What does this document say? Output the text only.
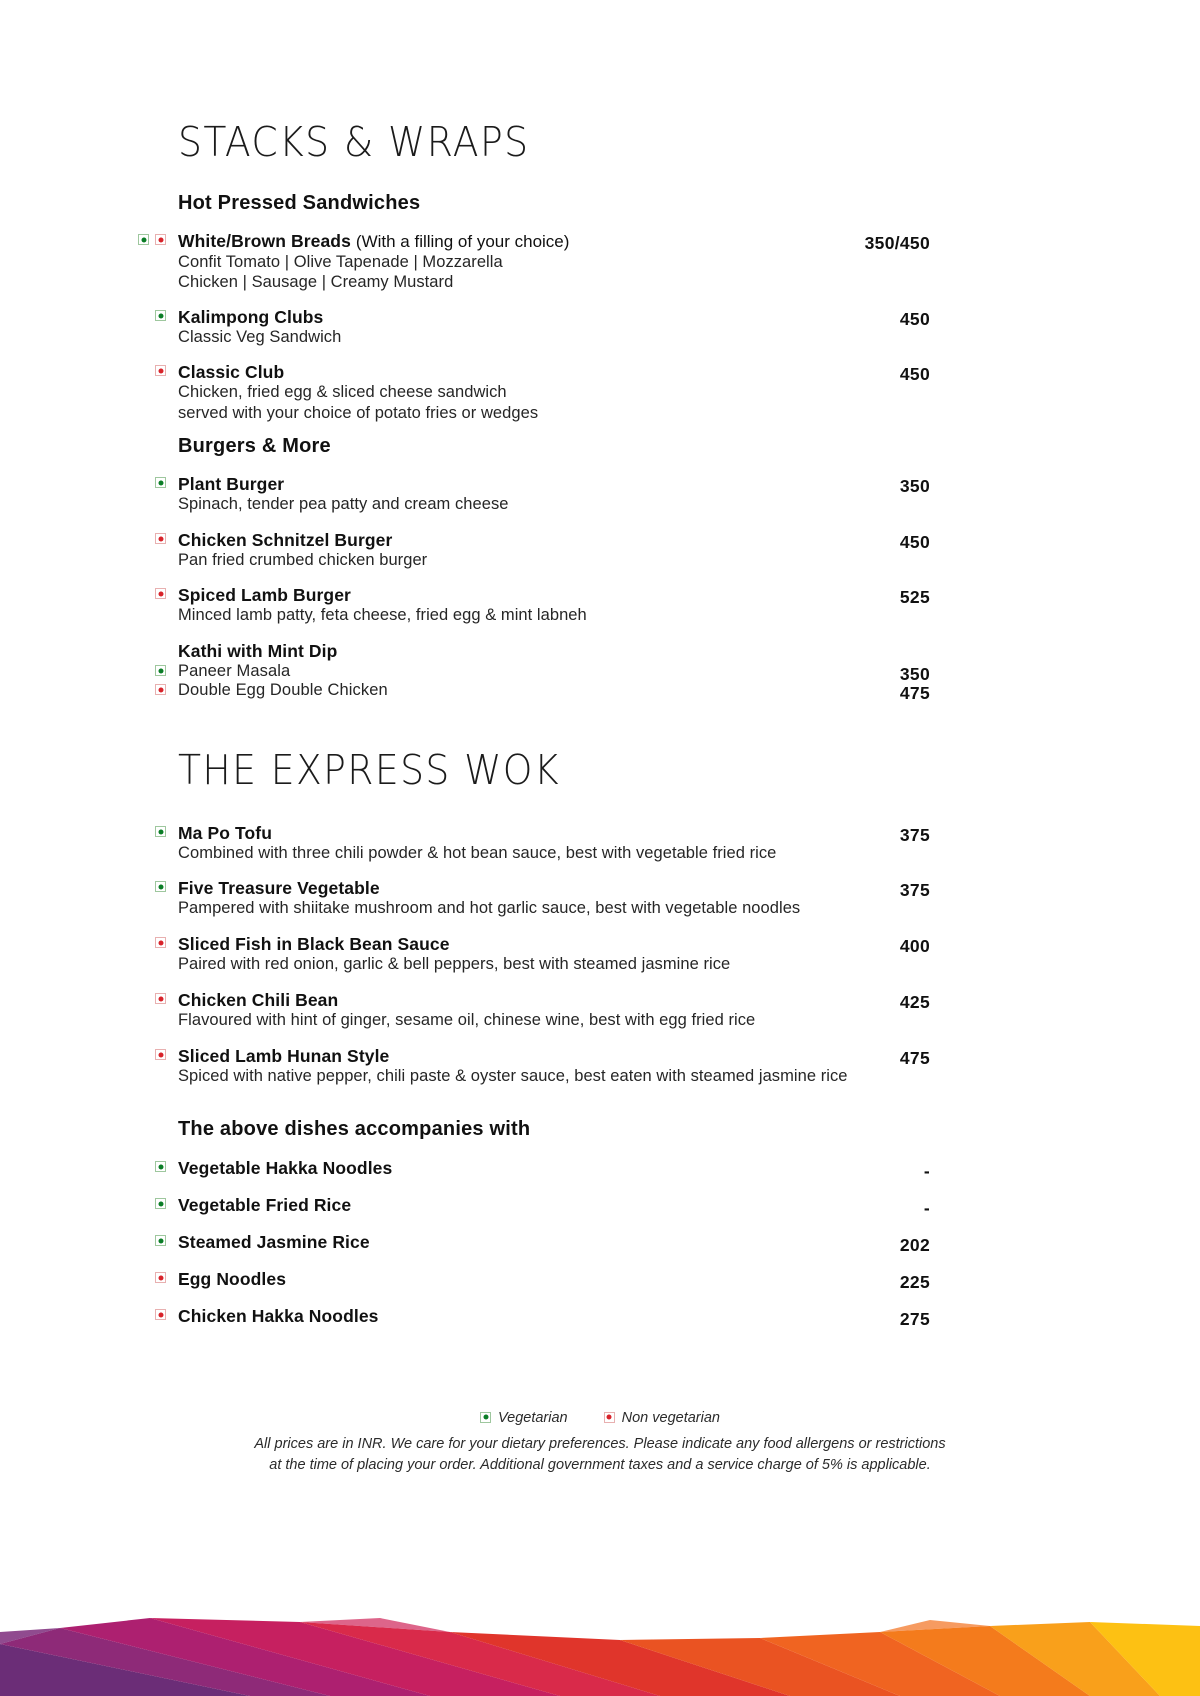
STACKS & WRAPS
Hot Pressed Sandwiches
White/Brown Breads (With a filling of your choice)
Confit Tomato | Olive Tapenade | Mozzarella
Chicken | Sausage | Creamy Mustard
350/450
Kalimpong Clubs
Classic Veg Sandwich
450
Classic Club
Chicken, fried egg & sliced cheese sandwich
served with your choice of potato fries or wedges
450
Burgers & More
Plant Burger
Spinach, tender pea patty and cream cheese
350
Chicken Schnitzel Burger
Pan fried crumbed chicken burger
450
Spiced Lamb Burger
Minced lamb patty, feta cheese, fried egg & mint labneh
525
Kathi with Mint Dip
Paneer Masala	350
Double Egg Double Chicken	475
THE EXPRESS WOK
Ma Po Tofu
Combined with three chili powder & hot bean sauce, best with vegetable fried rice
375
Five Treasure Vegetable
Pampered with shiitake mushroom and hot garlic sauce, best with vegetable noodles
375
Sliced Fish in Black Bean Sauce
Paired with red onion, garlic & bell peppers, best with steamed jasmine rice
400
Chicken Chili Bean
Flavoured with hint of ginger, sesame oil, chinese wine, best with egg fried rice
425
Sliced Lamb Hunan Style
Spiced with native pepper, chili paste & oyster sauce, best eaten with steamed jasmine rice
475
The above dishes accompanies with
Vegetable Hakka Noodles	-
Vegetable Fried Rice	-
Steamed Jasmine Rice	202
Egg Noodles	225
Chicken Hakka Noodles	275
Vegetarian	Non vegetarian
All prices are in INR. We care for your dietary preferences. Please indicate any food allergens or restrictions
at the time of placing your order. Additional government taxes and a service charge of 5% is applicable.
